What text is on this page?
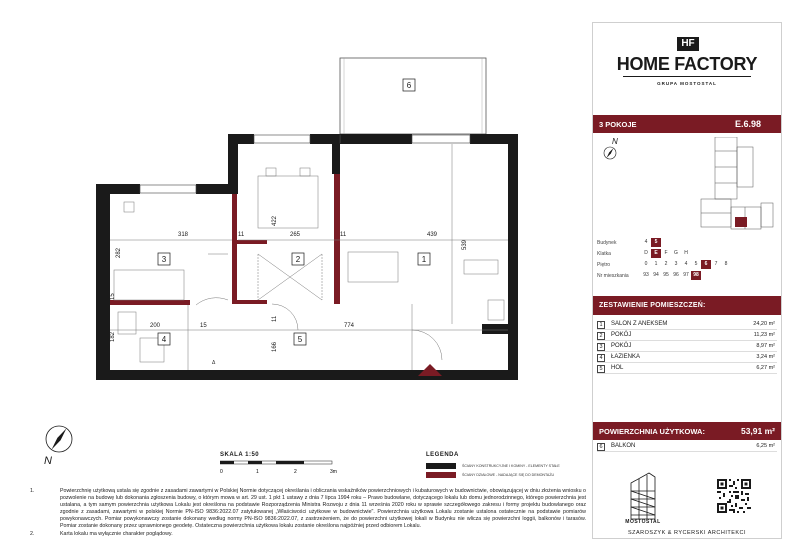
6
1
2
3
4	5
318	11	265	11	439
282
422
539
15
200	15	774
182
11
166
Δ
N	SKALA 1:50
0	1	2	3m
LEGENDA
ŚCIANY KONSTRUKCYJNE I KOMINY - ELEMENTY STAŁE
ŚCIANY DZIAŁOWE - NADAJĄCE SIĘ DO DEMONTAŻU
1.	Powierzchnię użytkową ustala się zgodnie z zasadami zawartymi w Polskiej Normie dotyczącej określania i obliczania wskaźników powierzchniowych i kubaturowych w budownictwie, obowiązującej w dniu złożenia wniosku o pozwolenie na budowę lub dokonania zgłoszenia budowy, o którym mowa w art. 29 ust. 1 pkt 1 ustawy z dnia 7 lipca 1994 roku – Prawo budowlane, dotyczącego lokalu lub domu jednorodzinnego, którego powierzchnia jest ustalana, a tym samym powierzchnia użytkowa Lokalu jest określona na podstawie Rozporządzenia Ministra Rozwoju z dnia 11 września 2020 roku w sprawie szczegółowego zakresu i formy projektu budowlanego oraz zgodnie z zasadami, zawartymi w polskiej Normie PN-ISO 9836:2022.07 zatytułowanej „Właściwości użytkowe w budownictwie". Powierzchnia użytkowa Lokalu zostanie ustalona ostatecznie na podstawie pomiarów powykonawczych. Pomiar powykonawczy zostanie dokonany według normy PN-ISO 9836:2022.07, z zastrzeżeniem, że do powierzchni użytkowej lokali w Budynku nie wlicza się powierzchni loggii, balkonów i tarasów. Pomiar zostanie dokonany przez uprawnionego geodetę. Ostateczna powierzchnia użytkowa lokalu zostanie określona najpóźniej przed odbiorem Lokalu.
2.	Karta lokalu ma wyłącznie charakter poglądowy.
HF
HOME FACTORY
GRUPA MOSTOSTAL
3 POKOJE	E.6.98
N
Budynek	4	5
Klatka	D	E	F	G	H
Piętro	0	1	2	3	4	5	6	7	8
Nr mieszkania	93 94 95 96 97 98
ZESTAWIENIE POMIESZCZEŃ:
1	SALON Z ANEKSEM	24,20 m²
2	POKÓJ	11,23 m²
3	POKÓJ	8,97 m²
4	ŁAZIENKA	3,24 m²
5	HOL	6,27 m²
POWIERZCHNIA UŻYTKOWA:	53,91 m²
6	BALKON	6,25 m²
MOSTOSTAL
SZAROSZYK & RYCERSKI ARCHITEKCI
